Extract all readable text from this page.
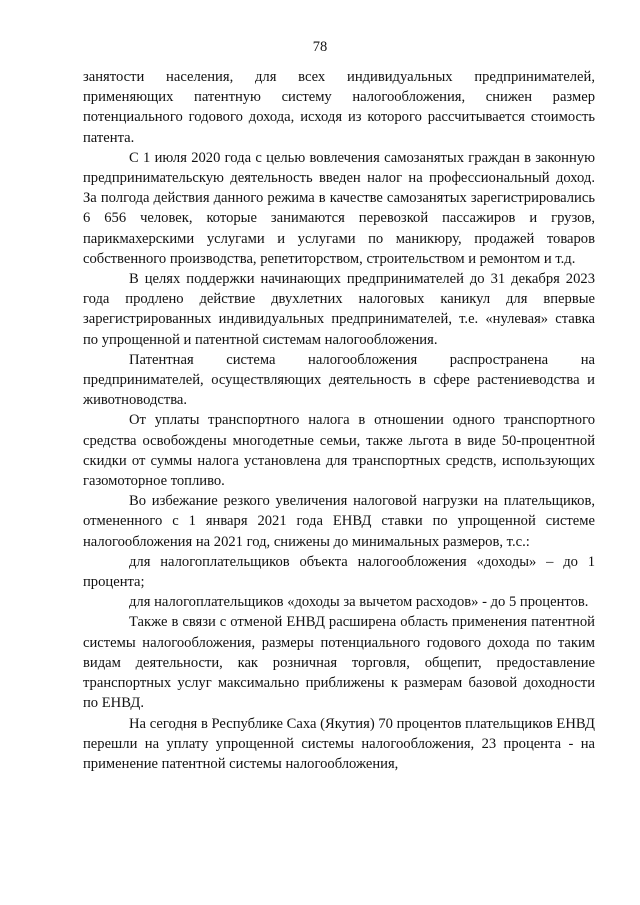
78

занятости населения, для всех индивидуальных предпринимателей, применяющих патентную систему налогообложения, снижен размер потенциального годового дохода, исходя из которого рассчитывается стоимость патента.

С 1 июля 2020 года с целью вовлечения самозанятых граждан в законную предпринимательскую деятельность введен налог на профессиональный доход. За полгода действия данного режима в качестве самозанятых зарегистрировались 6 656 человек, которые занимаются перевозкой пассажиров и грузов, парикмахерскими услугами и услугами по маникюру, продажей товаров собственного производства, репетиторством, строительством и ремонтом и т.д.

В целях поддержки начинающих предпринимателей до 31 декабря 2023 года продлено действие двухлетних налоговых каникул для впервые зарегистрированных индивидуальных предпринимателей, т.е. «нулевая» ставка по упрощенной и патентной системам налогообложения.

Патентная система налогообложения распространена на предпринимателей, осуществляющих деятельность в сфере растениеводства и животноводства.

От уплаты транспортного налога в отношении одного транспортного средства освобождены многодетные семьи, также льгота в виде 50-процентной скидки от суммы налога установлена для транспортных средств, использующих газомоторное топливо.

Во избежание резкого увеличения налоговой нагрузки на плательщиков, отмененного с 1 января 2021 года ЕНВД ставки по упрощенной системе налогообложения на 2021 год, снижены до минимальных размеров, т.с.:

для налогоплательщиков объекта налогообложения «доходы» – до 1 процента;

для налогоплательщиков «доходы за вычетом расходов» - до 5 процентов.

Также в связи с отменой ЕНВД расширена область применения патентной системы налогообложения, размеры потенциального годового дохода по таким видам деятельности, как розничная торговля, общепит, предоставление транспортных услуг максимально приближены к размерам базовой доходности по ЕНВД.

На сегодня в Республике Саха (Якутия) 70 процентов плательщиков ЕНВД перешли на уплату упрощенной системы налогообложения, 23 процента - на применение патентной системы налогообложения,
